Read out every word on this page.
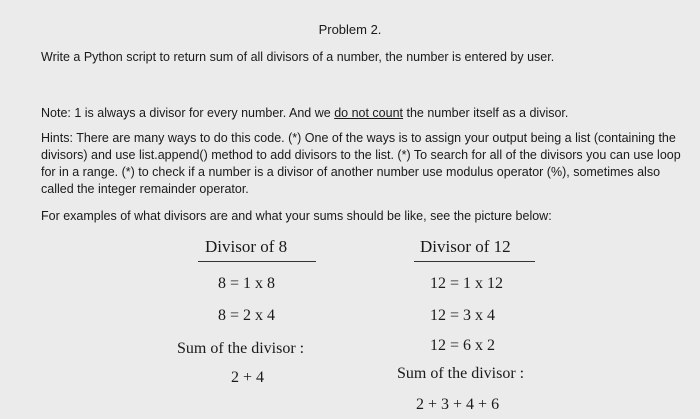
Problem 2.
Write a Python script to return sum of all divisors of a number, the number is entered by user.
Note: 1 is always a divisor for every number. And we do not count the number itself as a divisor.
Hints: There are many ways to do this code. (*) One of the ways is to assign your output being a list (containing the divisors) and use list.append() method to add divisors to the list. (*) To search for all of the divisors you can use loop for in a range. (*) to check if a number is a divisor of another number use modulus operator (%), sometimes also called the integer remainder operator.
For examples of what divisors are and what your sums should be like, see the picture below:
Divisor of 8
8 = 1 x 8
8 = 2 x 4
Sum of the divisor :
2 + 4
Divisor of 12
12 = 1 x 12
12 = 3 x 4
12 = 6 x 2
Sum of the divisor :
2 + 3 + 4 + 6
